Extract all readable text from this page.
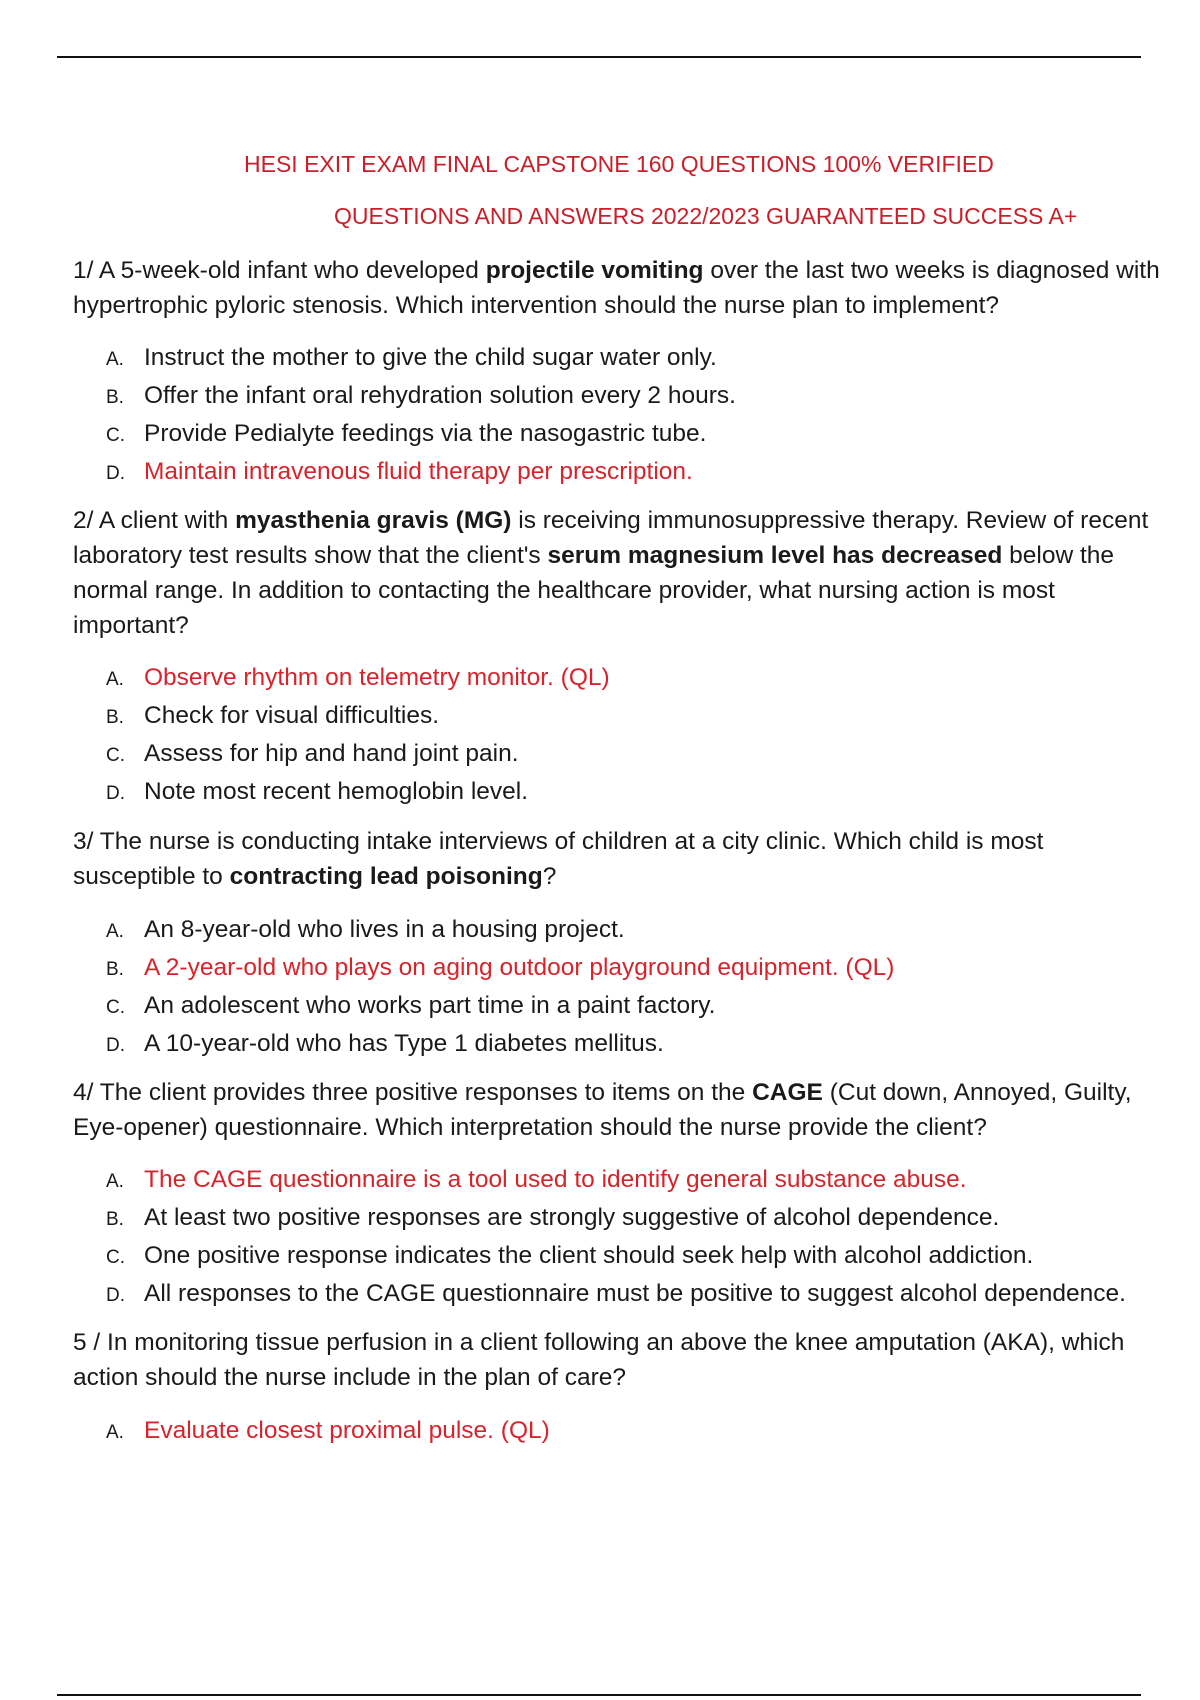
HESI EXIT EXAM FINAL CAPSTONE 160 QUESTIONS 100% VERIFIED
QUESTIONS AND ANSWERS 2022/2023 GUARANTEED SUCCESS A+
1/ A 5-week-old infant who developed projectile vomiting over the last two weeks is diagnosed with hypertrophic pyloric stenosis. Which intervention should the nurse plan to implement?
A. Instruct the mother to give the child sugar water only.
B. Offer the infant oral rehydration solution every 2 hours.
C. Provide Pedialyte feedings via the nasogastric tube.
D. Maintain intravenous fluid therapy per prescription.
2/ A client with myasthenia gravis (MG) is receiving immunosuppressive therapy. Review of recent laboratory test results show that the client's serum magnesium level has decreased below the normal range. In addition to contacting the healthcare provider, what nursing action is most important?
A. Observe rhythm on telemetry monitor. (QL)
B. Check for visual difficulties.
C. Assess for hip and hand joint pain.
D. Note most recent hemoglobin level.
3/ The nurse is conducting intake interviews of children at a city clinic. Which child is most susceptible to contracting lead poisoning?
A. An 8-year-old who lives in a housing project.
B. A 2-year-old who plays on aging outdoor playground equipment. (QL)
C. An adolescent who works part time in a paint factory.
D. A 10-year-old who has Type 1 diabetes mellitus.
4/ The client provides three positive responses to items on the CAGE (Cut down, Annoyed, Guilty, Eye-opener) questionnaire. Which interpretation should the nurse provide the client?
A. The CAGE questionnaire is a tool used to identify general substance abuse.
B. At least two positive responses are strongly suggestive of alcohol dependence.
C. One positive response indicates the client should seek help with alcohol addiction.
D. All responses to the CAGE questionnaire must be positive to suggest alcohol dependence.
5 / In monitoring tissue perfusion in a client following an above the knee amputation (AKA), which action should the nurse include in the plan of care?
A. Evaluate closest proximal pulse. (QL)
